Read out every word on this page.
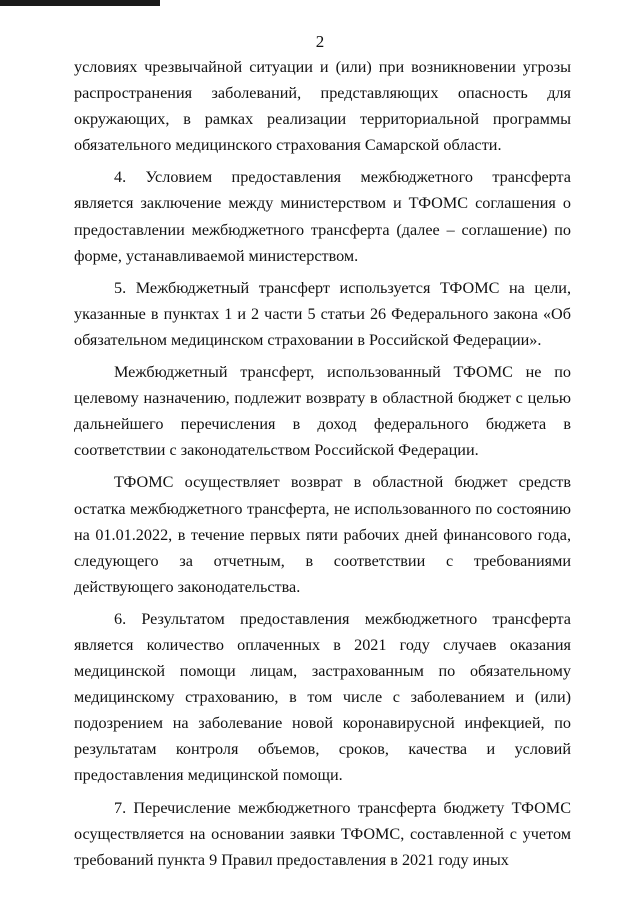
2

условиях чрезвычайной ситуации и (или) при возникновении угрозы распространения заболеваний, представляющих опасность для окружающих, в рамках реализации территориальной программы обязательного медицинского страхования Самарской области.

4. Условием предоставления межбюджетного трансферта является заключение между министерством и ТФОМС соглашения о предоставлении межбюджетного трансферта (далее – соглашение) по форме, устанавливаемой министерством.

5. Межбюджетный трансферт используется ТФОМС на цели, указанные в пунктах 1 и 2 части 5 статьи 26 Федерального закона «Об обязательном медицинском страховании в Российской Федерации».

Межбюджетный трансферт, использованный ТФОМС не по целевому назначению, подлежит возврату в областной бюджет с целью дальнейшего перечисления в доход федерального бюджета в соответствии с законодательством Российской Федерации.

ТФОМС осуществляет возврат в областной бюджет средств остатка межбюджетного трансферта, не использованного по состоянию на 01.01.2022, в течение первых пяти рабочих дней финансового года, следующего за отчетным, в соответствии с требованиями действующего законодательства.

6. Результатом предоставления межбюджетного трансферта является количество оплаченных в 2021 году случаев оказания медицинской помощи лицам, застрахованным по обязательному медицинскому страхованию, в том числе с заболеванием и (или) подозрением на заболевание новой коронавирусной инфекцией, по результатам контроля объемов, сроков, качества и условий предоставления медицинской помощи.

7. Перечисление межбюджетного трансферта бюджету ТФОМС осуществляется на основании заявки ТФОМС, составленной с учетом требований пункта 9 Правил предоставления в 2021 году иных
